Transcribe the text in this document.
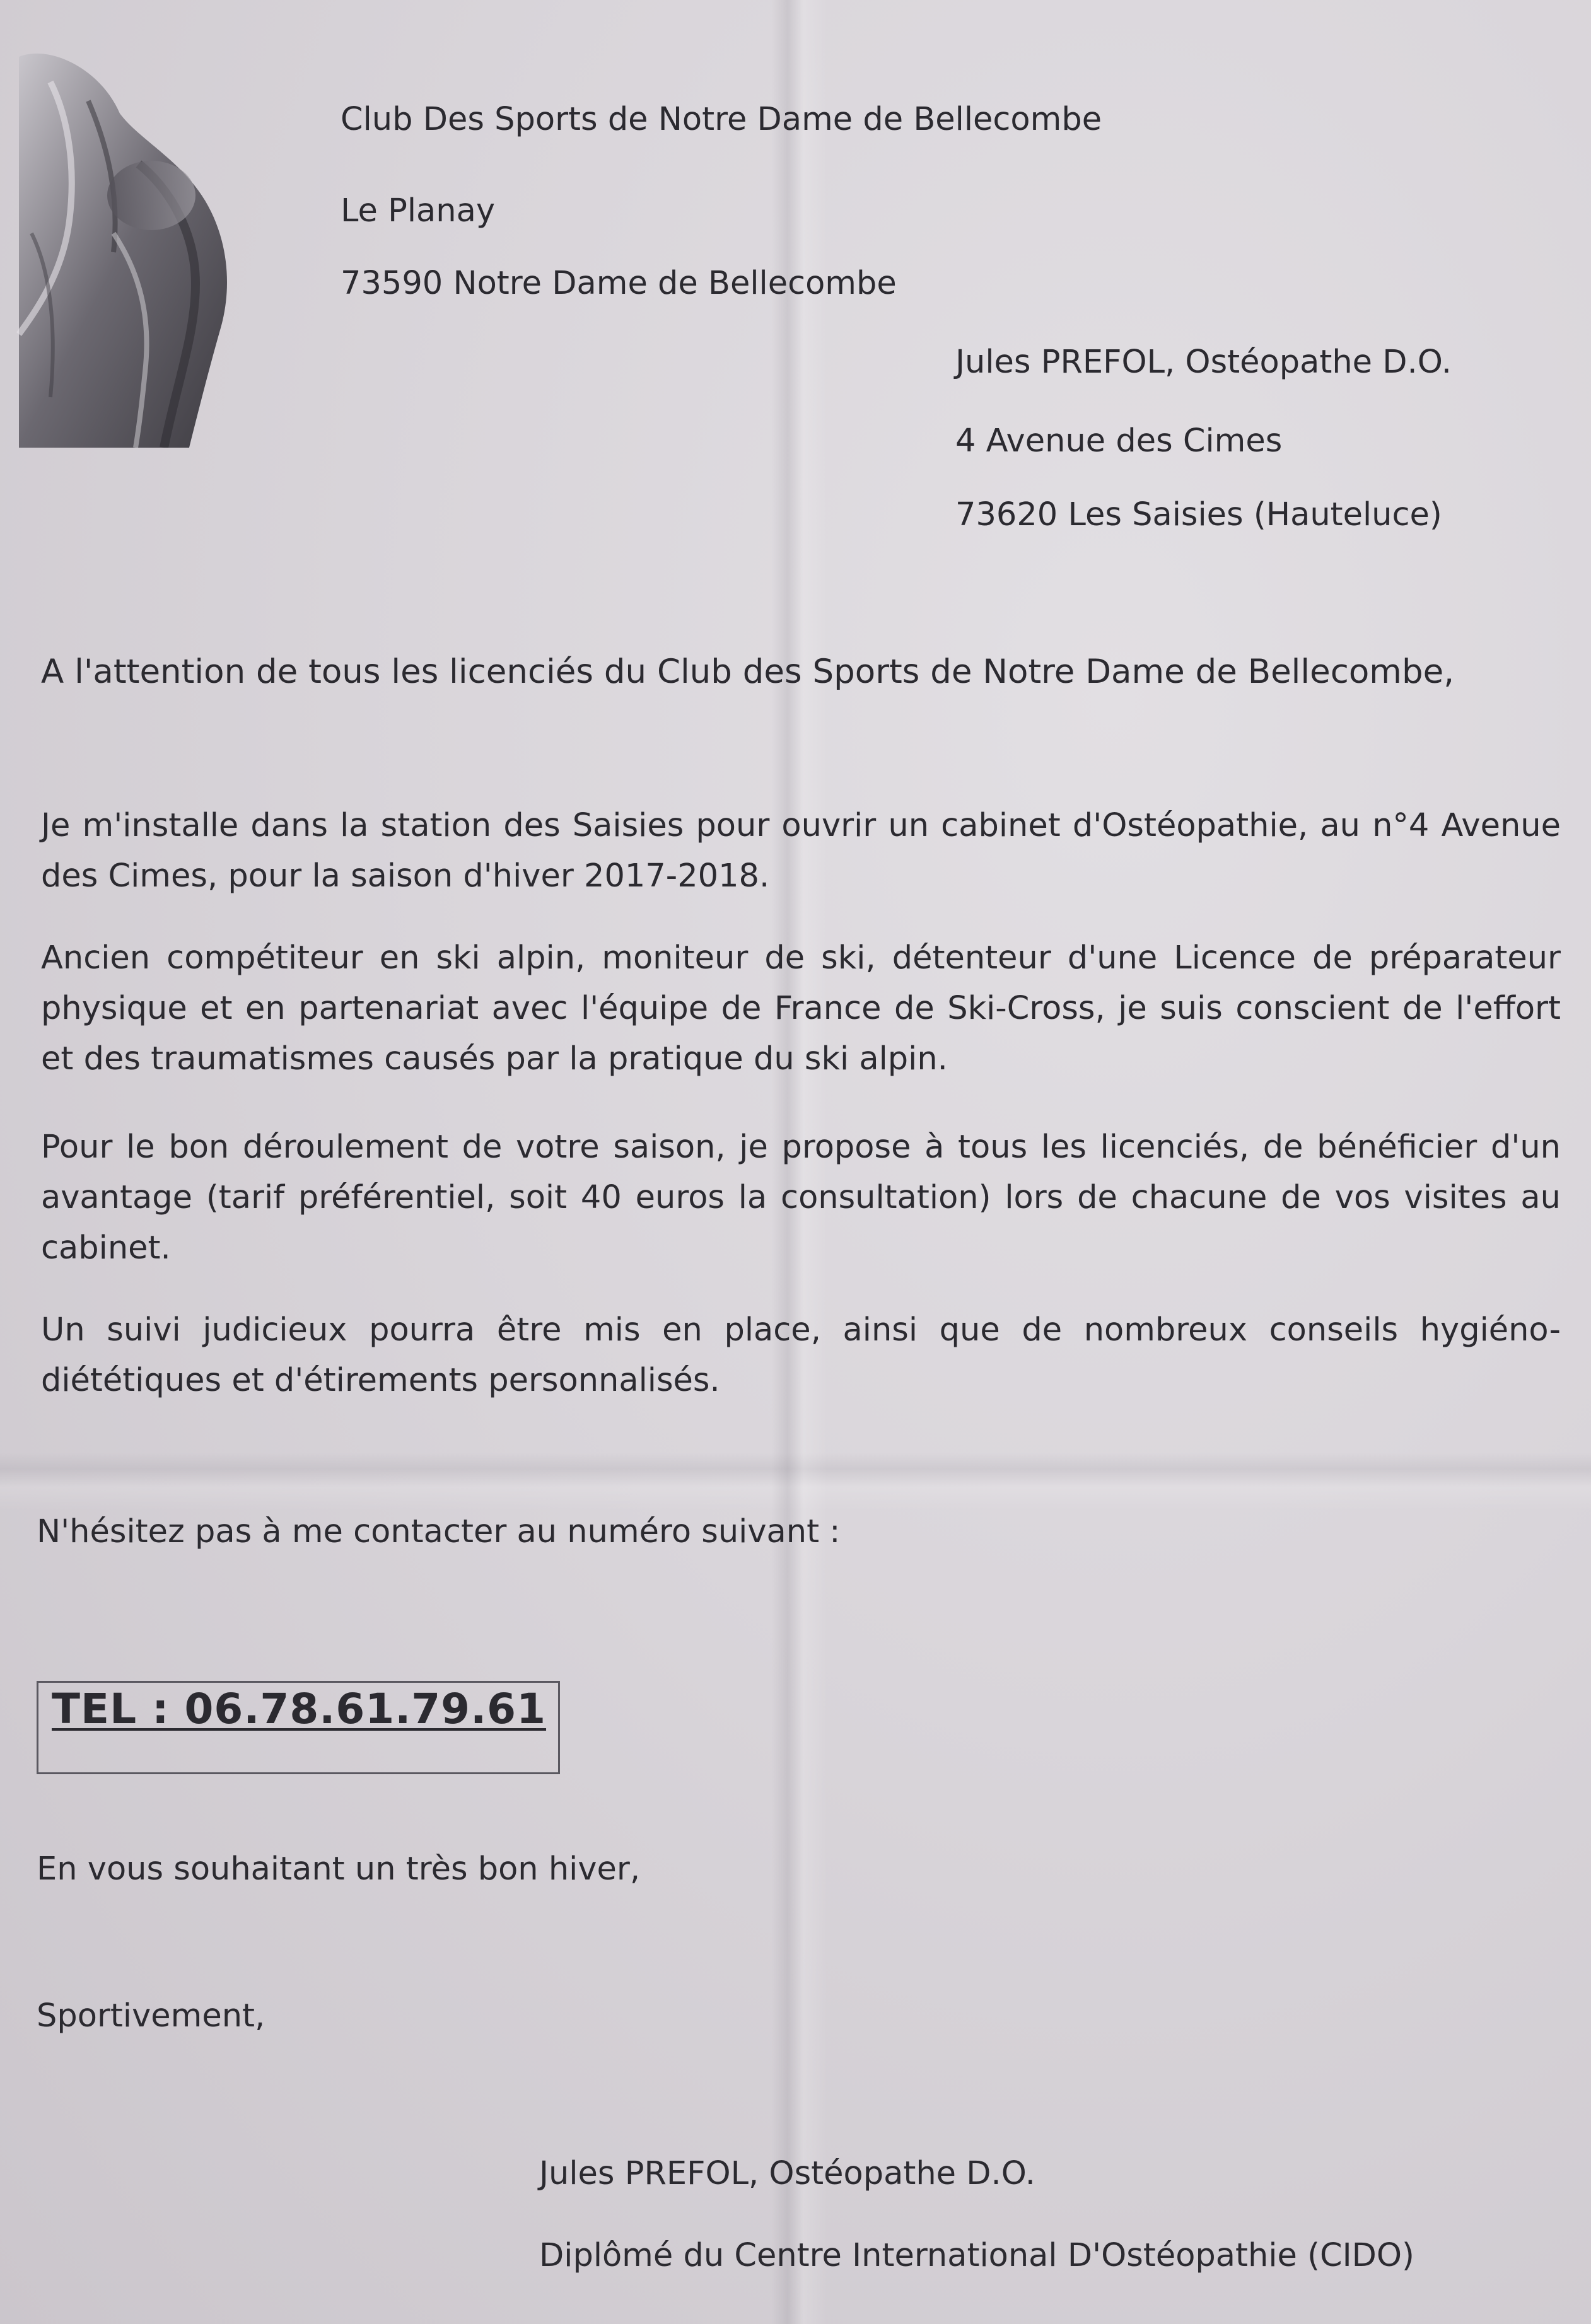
Club Des Sports de Notre Dame de Bellecombe
Le Planay
73590 Notre Dame de Bellecombe
Jules PREFOL, Ostéopathe D.O.
4 Avenue des Cimes
73620 Les Saisies (Hauteluce)
A l'attention de tous les licenciés du Club des Sports de Notre Dame de Bellecombe,
Je m'installe dans la station des Saisies pour ouvrir un cabinet d'Ostéopathie, au n°4 Avenue des Cimes, pour la saison d'hiver 2017-2018.
Ancien compétiteur en ski alpin, moniteur de ski, détenteur d'une Licence de préparateur physique et en partenariat avec l'équipe de France de Ski-Cross, je suis conscient de l'effort et des traumatismes causés par la pratique du ski alpin.
Pour le bon déroulement de votre saison, je propose à tous les licenciés, de bénéficier d'un avantage (tarif préférentiel, soit 40 euros la consultation) lors de chacune de vos visites au cabinet.
Un suivi judicieux pourra être mis en place, ainsi que de nombreux conseils hygiéno-diététiques et d'étirements personnalisés.
N'hésitez pas à me contacter au numéro suivant :
TEL : 06.78.61.79.61
En vous souhaitant un très bon hiver,
Sportivement,
Jules PREFOL, Ostéopathe D.O.
Diplômé du Centre International D'Ostéopathie (CIDO)
